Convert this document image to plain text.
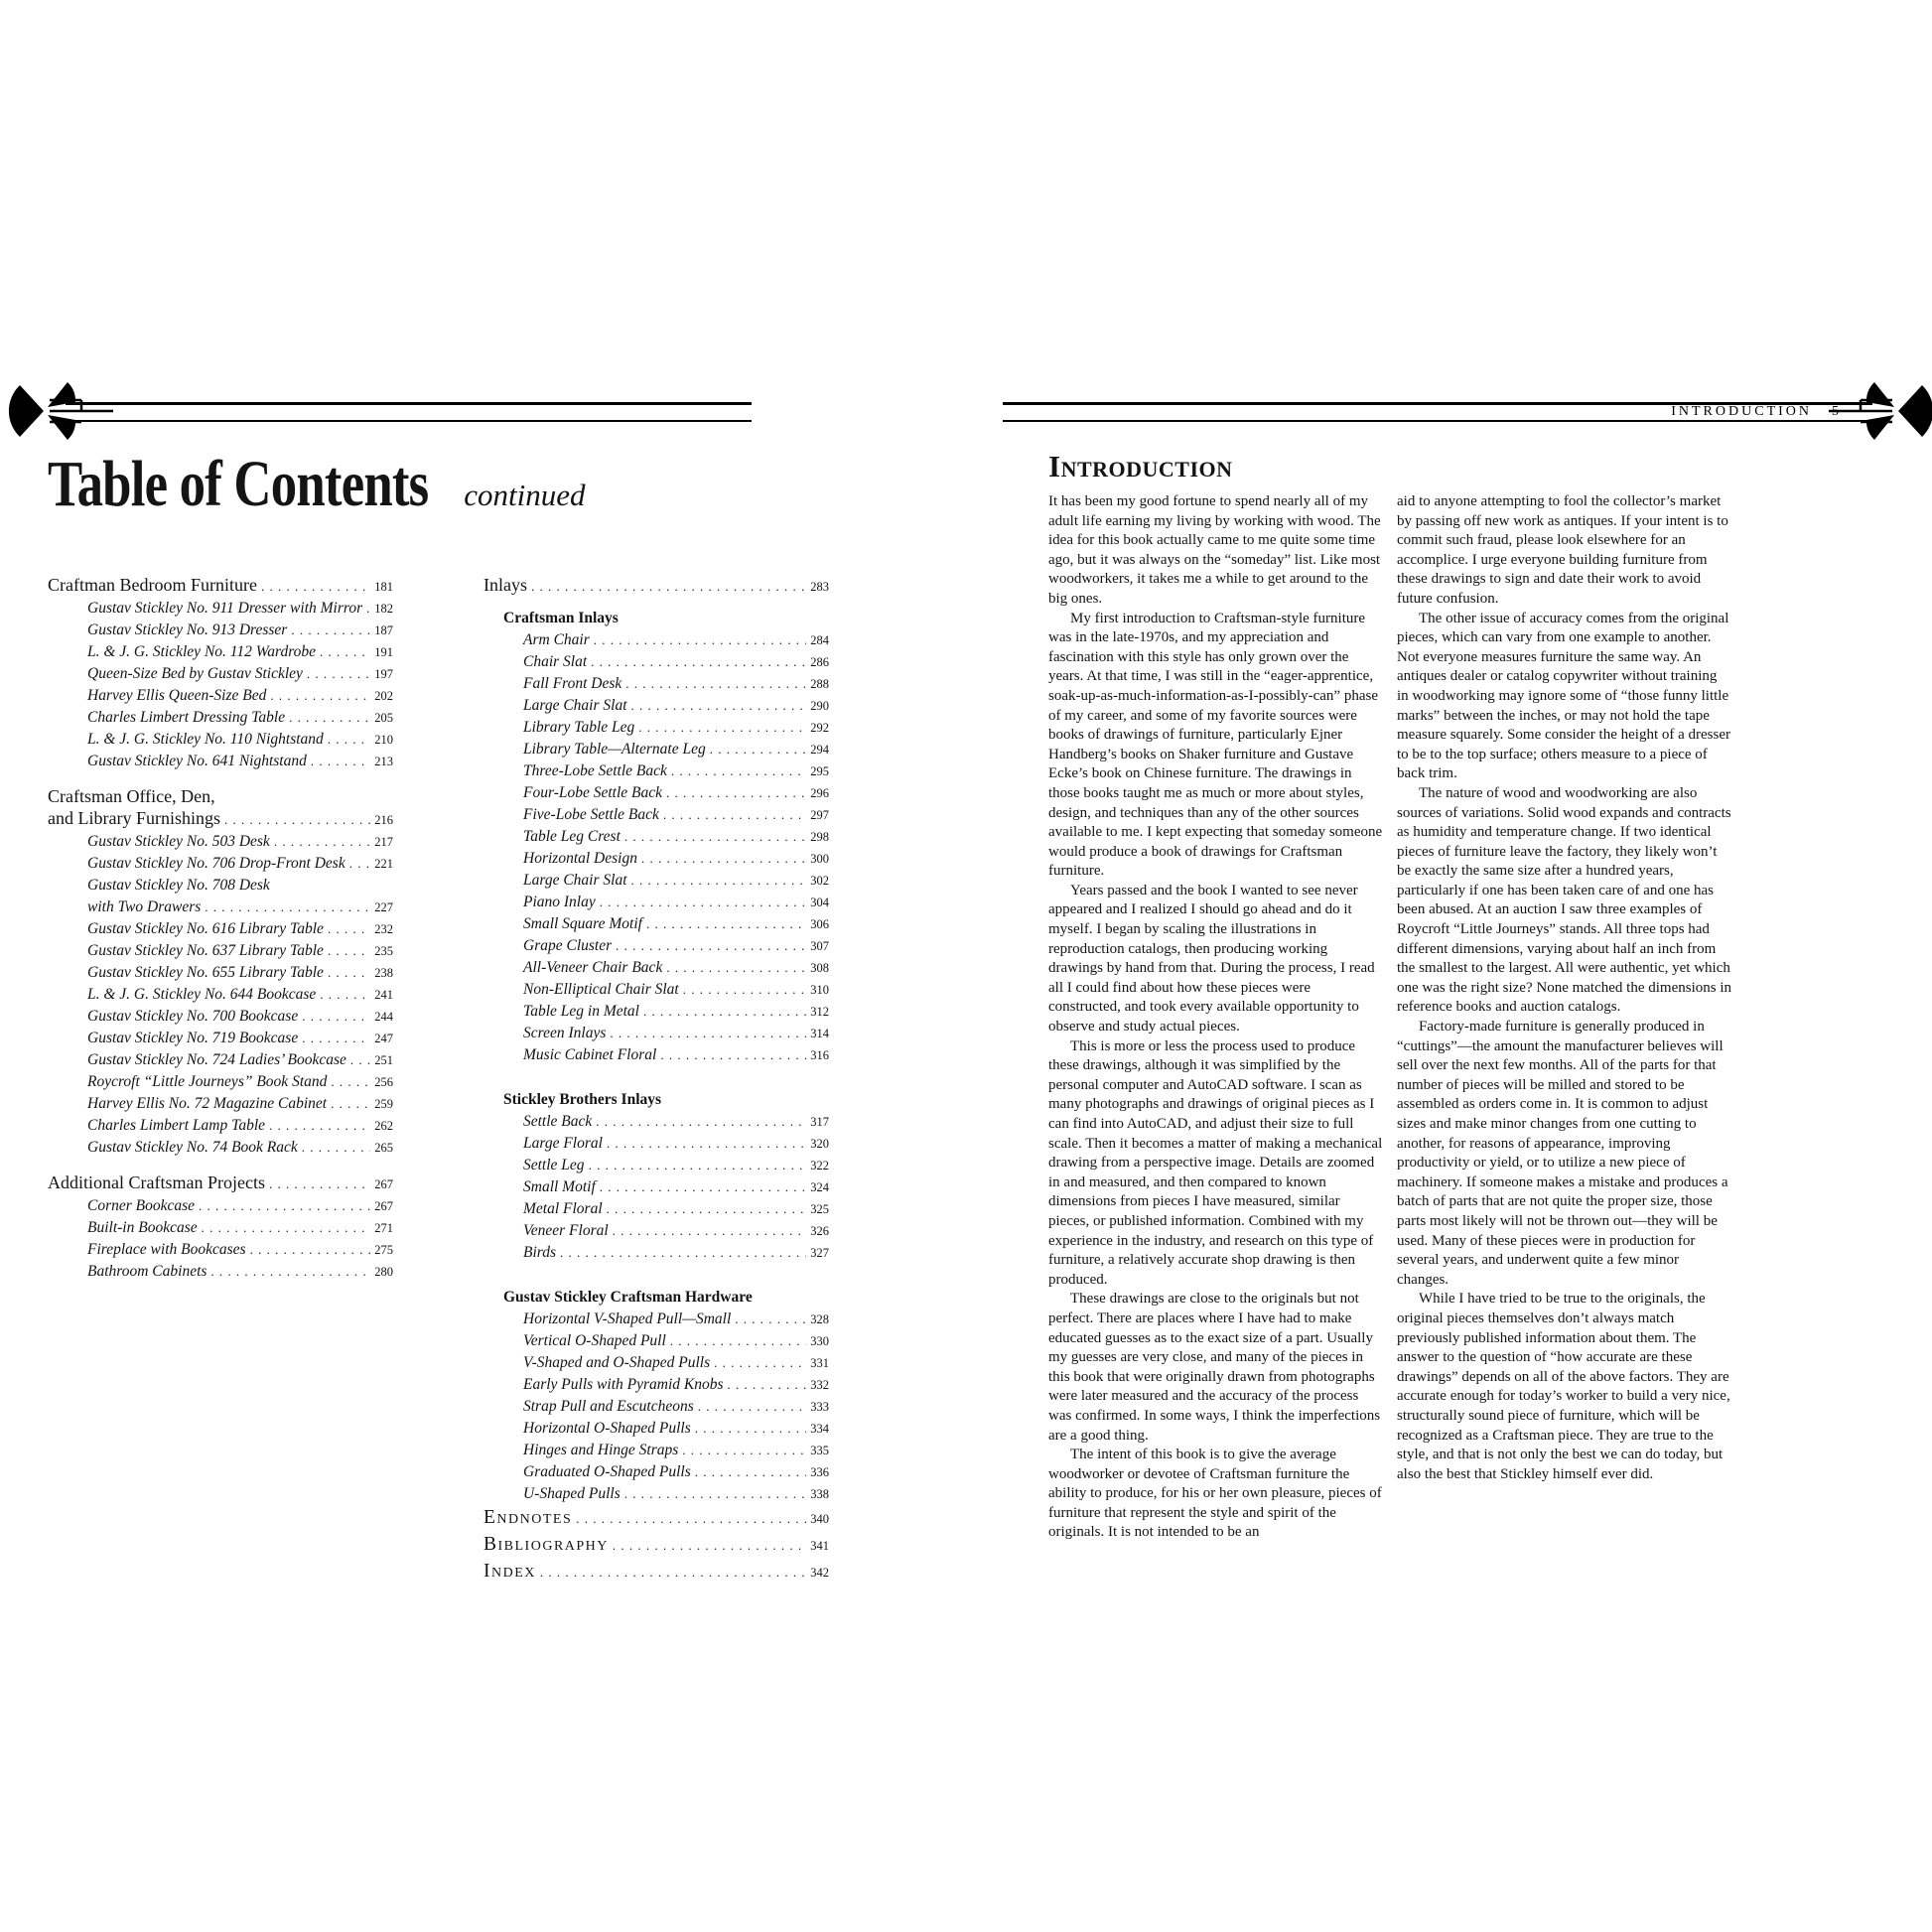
INTRODUCTION 5
Table of Contents continued
Craftman Bedroom Furniture . . .	181
Gustav Stickley No. 911 Dresser with Mirror . . . 182
Gustav Stickley No. 913 Dresser . . .	187
L. & J. G. Stickley No. 112 Wardrobe . . .	191
Queen-Size Bed by Gustav Stickley . . .	197
Harvey Ellis Queen-Size Bed . . .	202
Charles Limbert Dressing Table . . .	205
L. & J. G. Stickley No. 110 Nightstand . . .	210
Gustav Stickley No. 641 Nightstand . . .	213
Craftsman Office, Den,
and Library Furnishings . . .	216
Gustav Stickley No. 503 Desk . . .	217
Gustav Stickley No. 706 Drop-Front Desk . . . 221
Gustav Stickley No. 708 Desk
with Two Drawers . . .	227
Gustav Stickley No. 616 Library Table . . .	232
Gustav Stickley No. 637 Library Table . . .	235
Gustav Stickley No. 655 Library Table . . .	238
L. & J. G. Stickley No. 644 Bookcase . . .	241
Gustav Stickley No. 700 Bookcase . . .	244
Gustav Stickley No. 719 Bookcase . . .	247
Gustav Stickley No. 724 Ladies’ Bookcase . . . 251
Roycroft “Little Journeys” Book Stand . . .	256
Harvey Ellis No. 72 Magazine Cabinet . . .	259
Charles Limbert Lamp Table . . .	262
Gustav Stickley No. 74 Book Rack . . .	265
Additional Craftsman Projects . . .	267
Corner Bookcase . . .	267
Built-in Bookcase . . .	271
Fireplace with Bookcases . . .	275
Bathroom Cabinets . . .	280
Inlays . . .	283
Craftsman Inlays
Arm Chair . . .	284
Chair Slat . . .	286
Fall Front Desk . . .	288
Large Chair Slat . . .	290
Library Table Leg . . .	292
Library Table—Alternate Leg . . .	294
Three-Lobe Settle Back . . .	295
Four-Lobe Settle Back . . .	296
Five-Lobe Settle Back . . .	297
Table Leg Crest . . .	298
Horizontal Design . . .	300
Large Chair Slat . . .	302
Piano Inlay . . .	304
Small Square Motif . . .	306
Grape Cluster . . .	307
All-Veneer Chair Back . . .	308
Non-Elliptical Chair Slat . . .	310
Table Leg in Metal . . .	312
Screen Inlays . . .	314
Music Cabinet Floral . . .	316
Stickley Brothers Inlays
Settle Back . . .	317
Large Floral . . .	320
Settle Leg . . .	322
Small Motif . . .	324
Metal Floral . . .	325
Veneer Floral . . .	326
Birds . . .	327
Gustav Stickley Craftsman Hardware
Horizontal V-Shaped Pull—Small . . .	328
Vertical O-Shaped Pull . . .	330
V-Shaped and O-Shaped Pulls . . .	331
Early Pulls with Pyramid Knobs . . .	332
Strap Pull and Escutcheons . . .	333
Horizontal O-Shaped Pulls . . .	334
Hinges and Hinge Straps . . .	335
Graduated O-Shaped Pulls . . .	336
U-Shaped Pulls . . .	338
Endnotes . . .	340
Bibliography . . .	341
Index . . .	342
Introduction

It has been my good fortune to spend nearly all of my adult life earning my living by working with wood. The idea for this book actually came to me quite some time ago, but it was always on the “someday” list. Like most woodworkers, it takes me a while to get around to the big ones.

My first introduction to Craftsman-style furniture was in the late-1970s, and my appreciation and fascination with this style has only grown over the years. At that time, I was still in the “eager-apprentice, soak-up-as-much-information-as-I-possibly-can” phase of my career, and some of my favorite sources were books of drawings of furniture, particularly Ejner Handberg’s books on Shaker furniture and Gustave Ecke’s book on Chinese furniture. The drawings in those books taught me as much or more about styles, design, and techniques than any of the other sources available to me. I kept expecting that someday someone would produce a book of drawings for Craftsman furniture.

Years passed and the book I wanted to see never appeared and I realized I should go ahead and do it myself. I began by scaling the illustrations in reproduction catalogs, then producing working drawings by hand from that. During the process, I read all I could find about how these pieces were constructed, and took every available opportunity to observe and study actual pieces.

This is more or less the process used to produce these drawings, although it was simplified by the personal computer and AutoCAD software. I scan as many photographs and drawings of original pieces as I can find into AutoCAD, and adjust their size to full scale. Then it becomes a matter of making a mechanical drawing from a perspective image. Details are zoomed in and measured, and then compared to known dimensions from pieces I have measured, similar pieces, or published information. Combined with my experience in the industry, and research on this type of furniture, a relatively accurate shop drawing is then produced.

These drawings are close to the originals but not perfect. There are places where I have had to make educated guesses as to the exact size of a part. Usually my guesses are very close, and many of the pieces in this book that were originally drawn from photographs were later measured and the accuracy of the process was confirmed. In some ways, I think the imperfections are a good thing.

The intent of this book is to give the average woodworker or devotee of Craftsman furniture the ability to produce, for his or her own pleasure, pieces of furniture that represent the style and spirit of the originals. It is not intended to be an

aid to anyone attempting to fool the collector’s market by passing off new work as antiques. If your intent is to commit such fraud, please look elsewhere for an accomplice. I urge everyone building furniture from these drawings to sign and date their work to avoid future confusion.

The other issue of accuracy comes from the original pieces, which can vary from one example to another. Not everyone measures furniture the same way. An antiques dealer or catalog copywriter without training in woodworking may ignore some of “those funny little marks” between the inches, or may not hold the tape measure squarely. Some consider the height of a dresser to be to the top surface; others measure to a piece of back trim.

The nature of wood and woodworking are also sources of variations. Solid wood expands and contracts as humidity and temperature change. If two identical pieces of furniture leave the factory, they likely won’t be exactly the same size after a hundred years, particularly if one has been taken care of and one has been abused. At an auction I saw three examples of Roycroft “Little Journeys” stands. All three tops had different dimensions, varying about half an inch from the smallest to the largest. All were authentic, yet which one was the right size? None matched the dimensions in reference books and auction catalogs.

Factory-made furniture is generally produced in “cuttings”—the amount the manufacturer believes will sell over the next few months. All of the parts for that number of pieces will be milled and stored to be assembled as orders come in. It is common to adjust sizes and make minor changes from one cutting to another, for reasons of appearance, improving productivity or yield, or to utilize a new piece of machinery. If someone makes a mistake and produces a batch of parts that are not quite the proper size, those parts most likely will not be thrown out—they will be used. Many of these pieces were in production for several years, and underwent quite a few minor changes.

While I have tried to be true to the originals, the original pieces themselves don’t always match previously published information about them. The answer to the question of “how accurate are these drawings” depends on all of the above factors. They are accurate enough for today’s worker to build a very nice, structurally sound piece of furniture, which will be recognized as a Craftsman piece. They are true to the style, and that is not only the best we can do today, but also the best that Stickley himself ever did.
